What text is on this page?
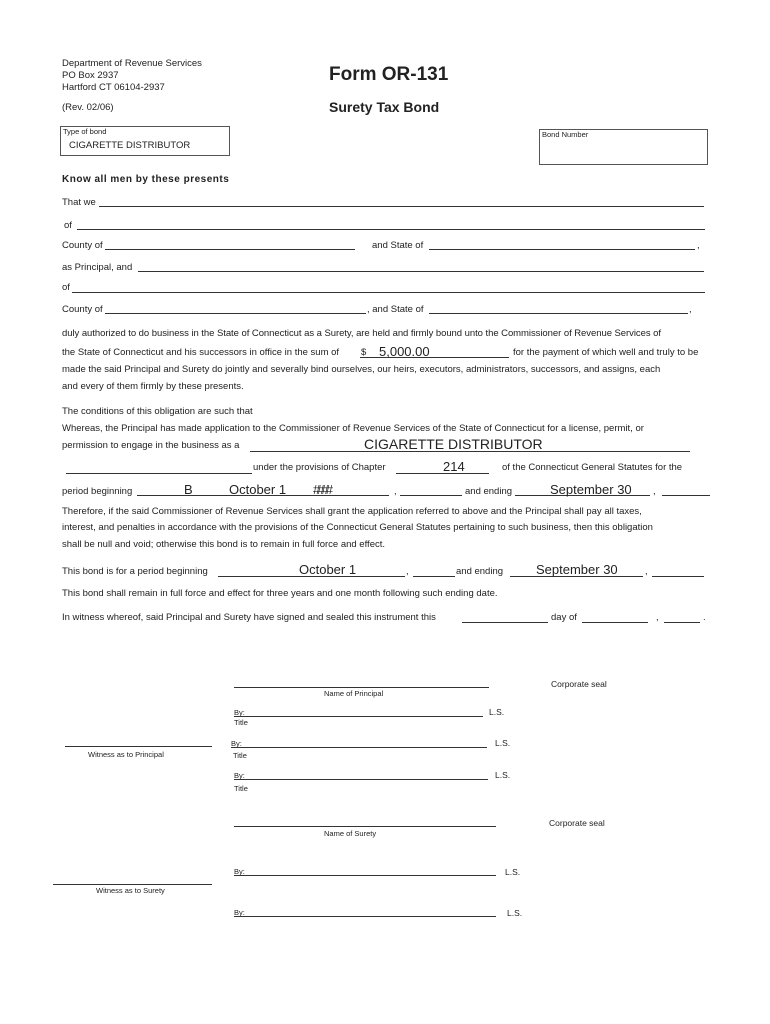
Department of Revenue Services
PO Box 2937
Hartford CT 06104-2937
(Rev. 02/06)
Form OR-131
Surety Tax Bond
Type of bond
CIGARETTE DISTRIBUTOR
Bond Number
Know all men by these presents
That we
of
County of	and State of	,
as Principal, and
of
County of	, and State of	,
duly authorized to do business in the State of Connecticut as a Surety, are held and firmly bound unto the Commissioner of Revenue Services of
the State of Connecticut and his successors in office in the sum of $ 5,000.00	for the payment of which well and truly to be
made the said Principal and Surety do jointly and severally bind ourselves, our heirs, executors, administrators, successors, and assigns, each
and every of them firmly by these presents.
The conditions of this obligation are such that
Whereas, the Principal has made application to the Commissioner of Revenue Services of the State of Connecticut for a license, permit, or
permission to engage in the business as a	CIGARETTE DISTRIBUTOR
under the provisions of Chapter	214	of the Connecticut General Statutes for the
period beginning	B	October 1 ####	,	and ending	September 30 ,
Therefore, if the said Commissioner of Revenue Services shall grant the application referred to above and the Principal shall pay all taxes,
interest, and penalties in accordance with the provisions of the Connecticut General Statutes pertaining to such business, then this obligation
shall be null and void; otherwise this bond is to remain in full force and effect.
This bond is for a period beginning	October 1	,	and ending	September 30	,
This bond shall remain in full force and effect for three years and one month following such ending date.
In witness whereof, said Principal and Surety have signed and sealed this instrument this	day of	,	.
Corporate seal
Name of Principal
By:
Title
L.S.
Witness as to Principal
By:
Title
L.S.
By:
Title
L.S.
Corporate seal
Name of Surety
By:	L.S.
Witness as to Surety
By:	L.S.
